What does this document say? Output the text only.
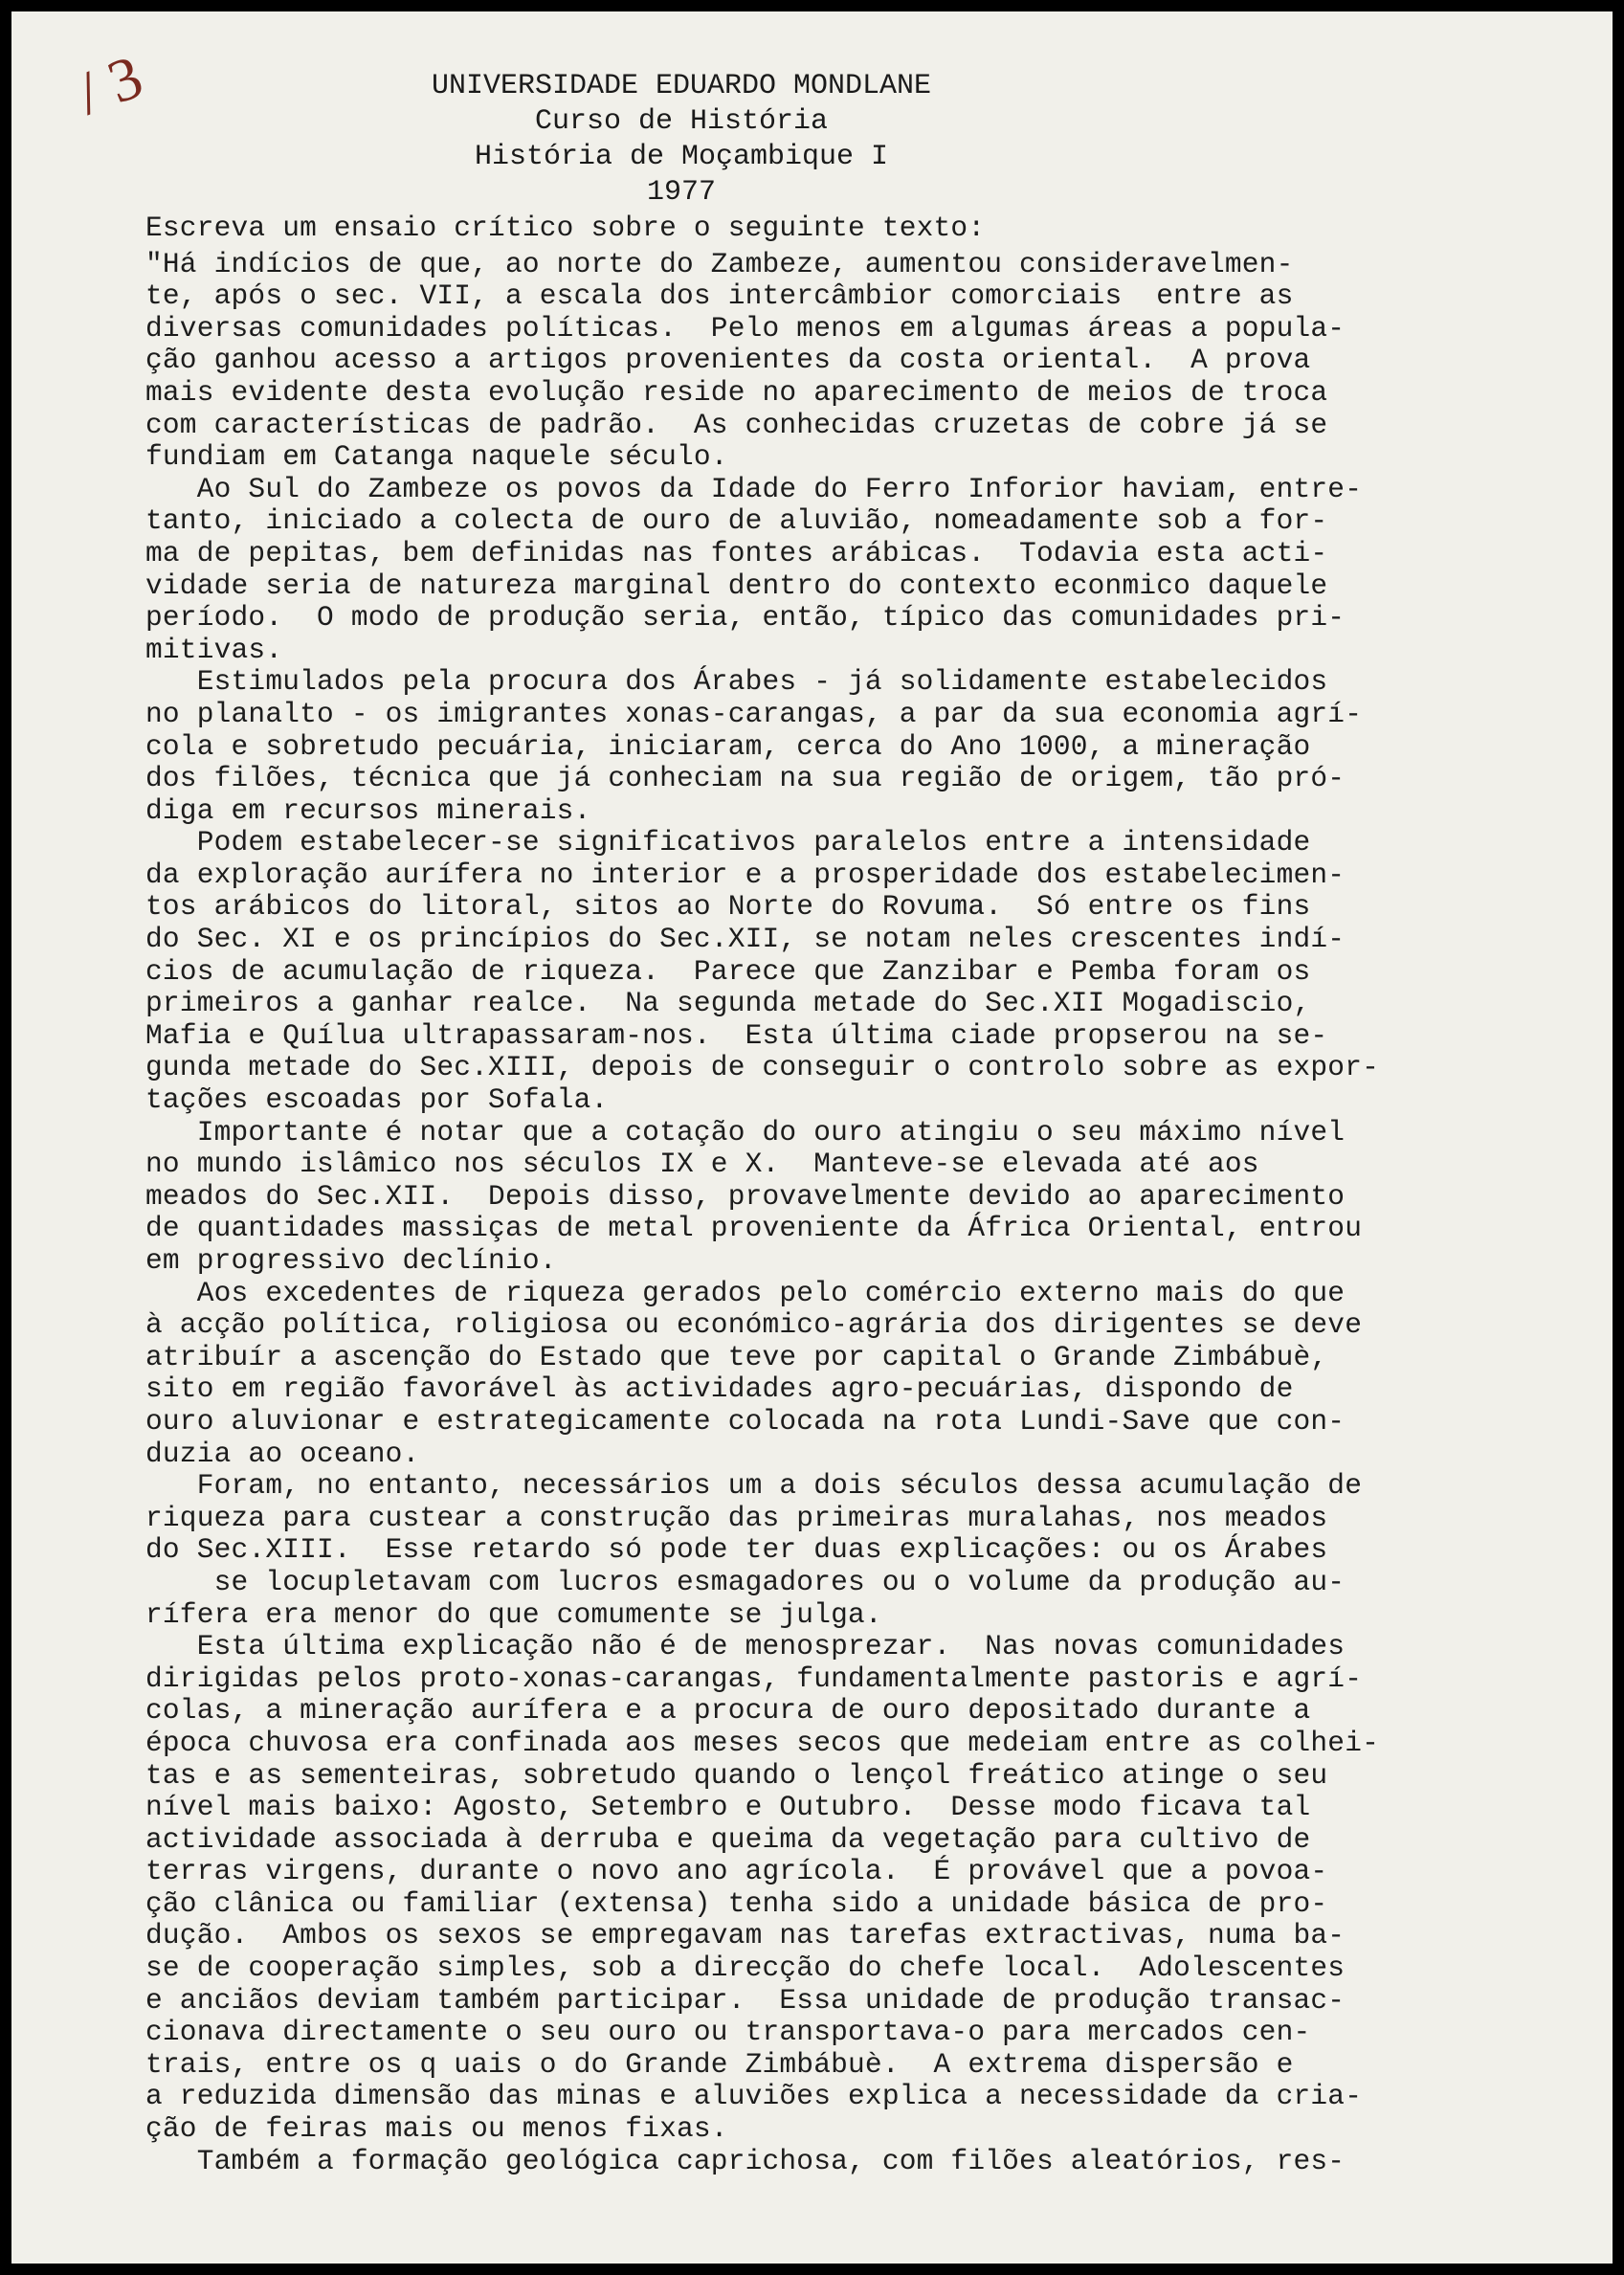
/ 3	UNIVERSIDADE EDUARDO MONDLANE
Curso de História
História de Moçambique I
1977
Escreva um ensaio crítico sobre o seguinte texto:
"Há indícios de que, ao norte do Zambeze, aumentou consideravelmen-
te, após o sec. VII, a escala dos intercâmbior comorciais  entre as
diversas comunidades políticas.  Pelo menos em algumas áreas a popula-
ção ganhou acesso a artigos provenientes da costa oriental.  A prova
mais evidente desta evolução reside no aparecimento de meios de troca
com características de padrão.  As conhecidas cruzetas de cobre já se
fundiam em Catanga naquele século.
Ao Sul do Zambeze os povos da Idade do Ferro Inforior haviam, entre-
tanto, iniciado a colecta de ouro de aluvião, nomeadamente sob a for-
ma de pepitas, bem definidas nas fontes arábicas.  Todavia esta acti-
vidade seria de natureza marginal dentro do contexto econmico daquele
período.  O modo de produção seria, então, típico das comunidades pri-
mitivas.
Estimulados pela procura dos Árabes - já solidamente estabelecidos
no planalto - os imigrantes xonas-carangas, a par da sua economia agrí-
cola e sobretudo pecuária, iniciaram, cerca do Ano 1000, a mineração
dos filões, técnica que já conheciam na sua região de origem, tão pró-
diga em recursos minerais.
Podem estabelecer-se significativos paralelos entre a intensidade
da exploração aurífera no interior e a prosperidade dos estabelecimen-
tos arábicos do litoral, sitos ao Norte do Rovuma.  Só entre os fins
do Sec. XI e os princípios do Sec.XII, se notam neles crescentes indí-
cios de acumulação de riqueza.  Parece que Zanzibar e Pemba foram os
primeiros a ganhar realce.  Na segunda metade do Sec.XII Mogadiscio,
Mafia e Quílua ultrapassaram-nos.  Esta última ciade propserou na se-
gunda metade do Sec.XIII, depois de conseguir o controlo sobre as expor-
tações escoadas por Sofala.
Importante é notar que a cotação do ouro atingiu o seu máximo nível
no mundo islâmico nos séculos IX e X.  Manteve-se elevada até aos
meados do Sec.XII.  Depois disso, provavelmente devido ao aparecimento
de quantidades massiças de metal proveniente da África Oriental, entrou
em progressivo declínio.
Aos excedentes de riqueza gerados pelo comércio externo mais do que
à acção política, roligiosa ou económico-agrária dos dirigentes se deve
atribuír a ascenção do Estado que teve por capital o Grande Zimbábuè,
sito em região favorável às actividades agro-pecuárias, dispondo de
ouro aluvionar e estrategicamente colocada na rota Lundi-Save que con-
duzia ao oceano.
Foram, no entanto, necessários um a dois séculos dessa acumulação de
riqueza para custear a construção das primeiras muralahas, nos meados
do Sec.XIII.  Esse retardo só pode ter duas explicações: ou os Árabes
se locupletavam com lucros esmagadores ou o volume da produção au-
rífera era menor do que comumente se julga.
Esta última explicação não é de menosprezar.  Nas novas comunidades
dirigidas pelos proto-xonas-carangas, fundamentalmente pastoris e agrí-
colas, a mineração aurífera e a procura de ouro depositado durante a
época chuvosa era confinada aos meses secos que medeiam entre as colhei-
tas e as sementeiras, sobretudo quando o lençol freático atinge o seu
nível mais baixo: Agosto, Setembro e Outubro.  Desse modo ficava tal
actividade associada à derruba e queima da vegetação para cultivo de
terras virgens, durante o novo ano agrícola.  É provável que a povoa-
ção clânica ou familiar (extensa) tenha sido a unidade básica de pro-
dução.  Ambos os sexos se empregavam nas tarefas extractivas, numa ba-
se de cooperação simples, sob a direcção do chefe local.  Adolescentes
e anciãos deviam também participar.  Essa unidade de produção transac-
cionava directamente o seu ouro ou transportava-o para mercados cen-
trais, entre os q uais o do Grande Zimbábuè.  A extrema dispersão e
a reduzida dimensão das minas e aluviões explica a necessidade da cria-
ção de feiras mais ou menos fixas.
Também a formação geológica caprichosa, com filões aleatórios, res-
